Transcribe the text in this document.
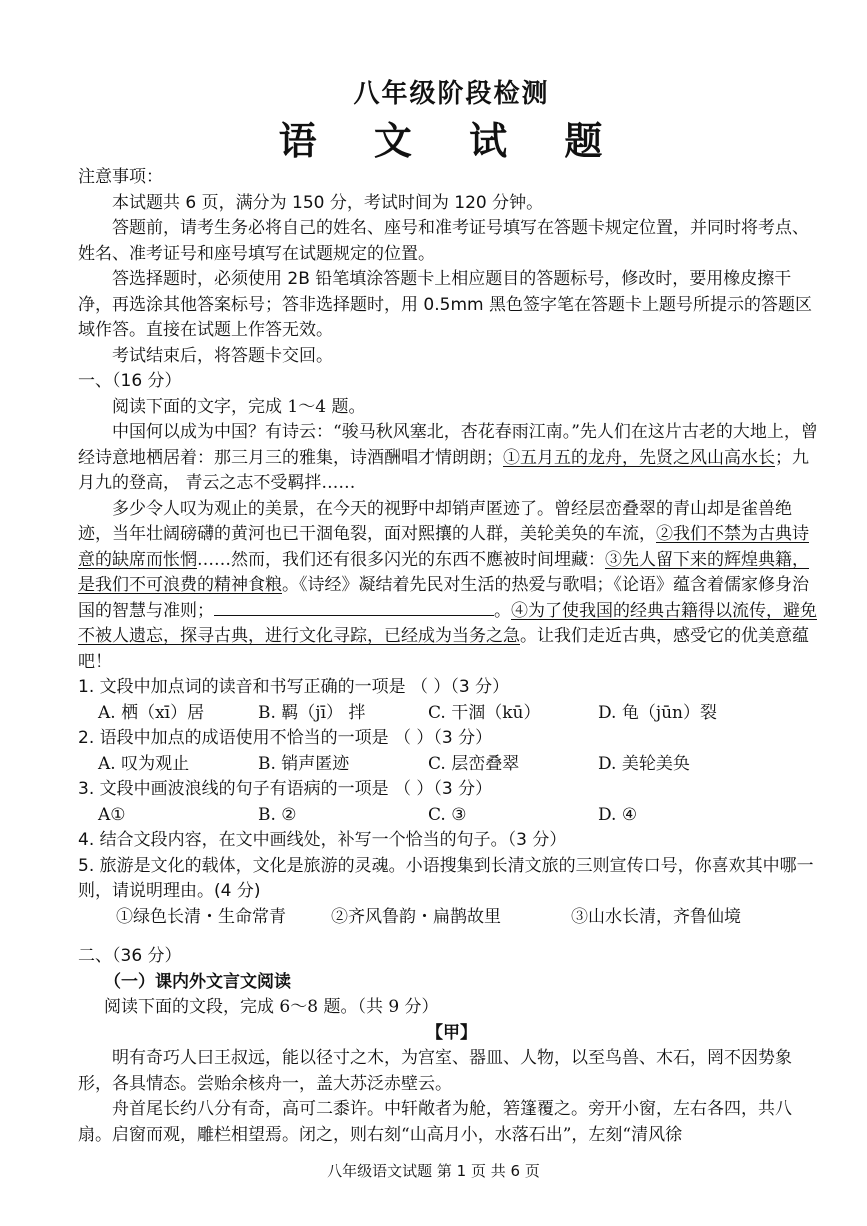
八年级阶段检测
语 文 试 题

注意事项：

本试题共 6 页，满分为 150 分，考试时间为 120 分钟。

答题前，请考生务必将自己的姓名、座号和准考证号填写在答题卡规定位置，并同时将考点、姓名、准考证号和座号填写在试题规定的位置。

答选择题时，必须使用 2B 铅笔填涂答题卡上相应题目的答题标号，修改时，要用橡皮擦干净，再选涂其他答案标号；答非选择题时，用 0.5mm 黑色签字笔在答题卡上题号所提示的答题区域作答。直接在试题上作答无效。

考试结束后，将答题卡交回。

一、（16 分）

阅读下面的文字，完成 1～4 题。

中国何以成为中国？有诗云：“骏马秋风塞北，杏花春雨江南。”先人们在这片古老的大地上，曾经诗意地栖居着：那三月三的雅集，诗酒酬唱才情朗朗；①五月五的龙舟，先贤之风山高水长；九月九的登高， 青云之志不受羁拌……

多少令人叹为观止的美景，在今天的视野中却销声匿迹了。曾经层峦叠翠的青山却是雀兽绝迹，当年壮阔磅礴的黄河也已干涸龟裂，面对熙攘的人群，美轮美奂的车流，②我们不禁为古典诗意的缺席而怅惘……然而，我们还有很多闪光的东西不應被时间埋藏：③先人留下来的辉煌典籍，是我们不可浪费的精神食粮。《诗经》凝结着先民对生活的热爱与歌唱；《论语》蕴含着儒家修身治国的智慧与准则；	。④为了使我国的经典古籍得以流传，避免不被人遗忘，探寻古典，进行文化寻踪，已经成为当务之急。让我们走近古典，感受它的优美意蕴吧！

1. 文段中加点词的读音和书写正确的一项是 （ ）（3 分）

A. 栖（xī）居	B. 羁（jī） 拌	C. 干涸（kū）	D. 龟（jūn）裂

2. 语段中加点的成语使用不恰当的一项是 （ ）（3 分）

A. 叹为观止	B. 销声匿迹	C. 层峦叠翠	D. 美轮美奂

3. 文段中画波浪线的句子有语病的一项是 （ ）（3 分）

A①	B. ②	C. ③	D. ④

4. 结合文段内容，在文中画线处，补写一个恰当的句子。（3 分）

5. 旅游是文化的载体，文化是旅游的灵魂。小语搜集到长清文旅的三则宣传口号，你喜欢其中哪一则，请说明理由。(4 分)

①绿色长清・生命常青	②齐风鲁韵・扁鹊故里	③山水长清，齐鲁仙境

二、（36 分）

（一）课内外文言文阅读

阅读下面的文段，完成 6～8 题。（共 9 分）

【甲】

明有奇巧人曰王叔远，能以径寸之木，为宫室、器皿、人物，以至鸟兽、木石，罔不因势象形，各具情态。尝贻余核舟一，盖大苏泛赤壁云。

舟首尾长约八分有奇，高可二黍许。中轩敞者为舱，箬篷覆之。旁开小窗，左右各四，共八扇。启窗而观，雕栏相望焉。闭之，则右刻“山高月小，水落石出”，左刻“清风徐

八年级语文试题 第 1 页 共 6 页
